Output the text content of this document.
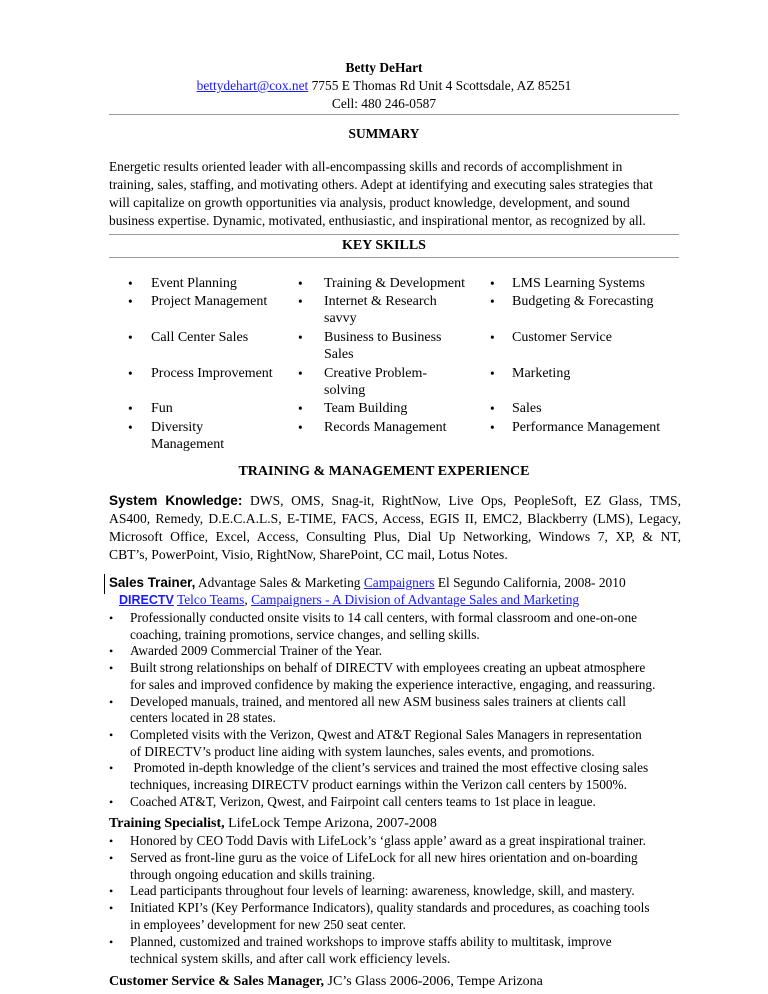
Betty DeHart
bettydehart@cox.net 7755 E Thomas Rd Unit 4 Scottsdale, AZ 85251
Cell: 480 246-0587
SUMMARY
Energetic results oriented leader with all-encompassing skills and records of accomplishment in
training, sales, staffing, and motivating others. Adept at identifying and executing sales strategies that
will capitalize on growth opportunities via analysis, product knowledge, development, and sound
business expertise. Dynamic, motivated, enthusiastic, and inspirational mentor, as recognized by all.
KEY SKILLS
• Event Planning
• Project Management
• Call Center Sales
• Process Improvement
• Fun
• Diversity
Management
• Training & Development
• Internet & Research
savvy
• Business to Business
Sales
• Creative Problem-
solving
• Team Building
• Records Management
• LMS Learning Systems
• Budgeting & Forecasting
• Customer Service
• Marketing
• Sales
• Performance Management
TRAINING & MANAGEMENT EXPERIENCE
System Knowledge: DWS, OMS, Snag-it, RightNow, Live Ops, PeopleSoft, EZ Glass, TMS,
AS400, Remedy, D.E.C.A.L.S, E-TIME, FACS, Access, EGIS II, EMC2, Blackberry (LMS), Legacy,
Microsoft Office, Excel, Access, Consulting Plus, Dial Up Networking, Windows 7, XP, & NT,
CBT’s, PowerPoint, Visio, RightNow, SharePoint, CC mail, Lotus Notes.
Sales Trainer, Advantage Sales & Marketing Campaigners El Segundo California, 2008- 2010
DIRECTV Telco Teams, Campaigners - A Division of Advantage Sales and Marketing
• Professionally conducted onsite visits to 14 call centers, with formal classroom and one-on-one
coaching, training promotions, service changes, and selling skills.
• Awarded 2009 Commercial Trainer of the Year.
• Built strong relationships on behalf of DIRECTV with employees creating an upbeat atmosphere
for sales and improved confidence by making the experience interactive, engaging, and reassuring.
• Developed manuals, trained, and mentored all new ASM business sales trainers at clients call
centers located in 28 states.
• Completed visits with the Verizon, Qwest and AT&T Regional Sales Managers in representation
of DIRECTV’s product line aiding with system launches, sales events, and promotions.
• Promoted in-depth knowledge of the client’s services and trained the most effective closing sales
techniques, increasing DIRECTV product earnings within the Verizon call centers by 1500%.
• Coached AT&T, Verizon, Qwest, and Fairpoint call centers teams to 1st place in league.
Training Specialist, LifeLock Tempe Arizona, 2007-2008
• Honored by CEO Todd Davis with LifeLock’s ‘glass apple’ award as a great inspirational trainer.
• Served as front-line guru as the voice of LifeLock for all new hires orientation and on-boarding
through ongoing education and skills training.
• Lead participants throughout four levels of learning: awareness, knowledge, skill, and mastery.
• Initiated KPI’s (Key Performance Indicators), quality standards and procedures, as coaching tools
in employees’ development for new 250 seat center.
• Planned, customized and trained workshops to improve staffs ability to multitask, improve
technical system skills, and after call work efficiency levels.
Customer Service & Sales Manager, JC’s Glass 2006-2006, Tempe Arizona
